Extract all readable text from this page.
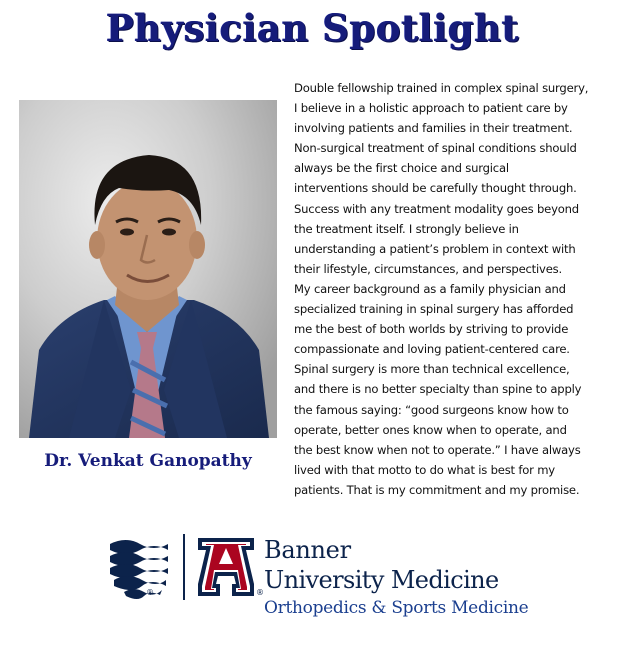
Physician Spotlight
Dr. Venkat Ganopathy
Double fellowship trained in complex spinal surgery,
I believe in a holistic approach to patient care by
involving patients and families in their treatment.
Non-surgical treatment of spinal conditions should
always be the first choice and surgical
interventions should be carefully thought through.
Success with any treatment modality goes beyond
the treatment itself. I strongly believe in
understanding a patient’s problem in context with
their lifestyle, circumstances, and perspectives.
My career background as a family physician and
specialized training in spinal surgery has afforded
me the best of both worlds by striving to provide
compassionate and loving patient-centered care.
Spinal surgery is more than technical excellence,
and there is no better specialty than spine to apply
the famous saying: “good surgeons know how to
operate, better ones know when to operate, and
the best know when not to operate.” I have always
lived with that motto to do what is best for my
patients. That is my commitment and my promise.
®	®
Banner
University Medicine
Orthopedics & Sports Medicine
